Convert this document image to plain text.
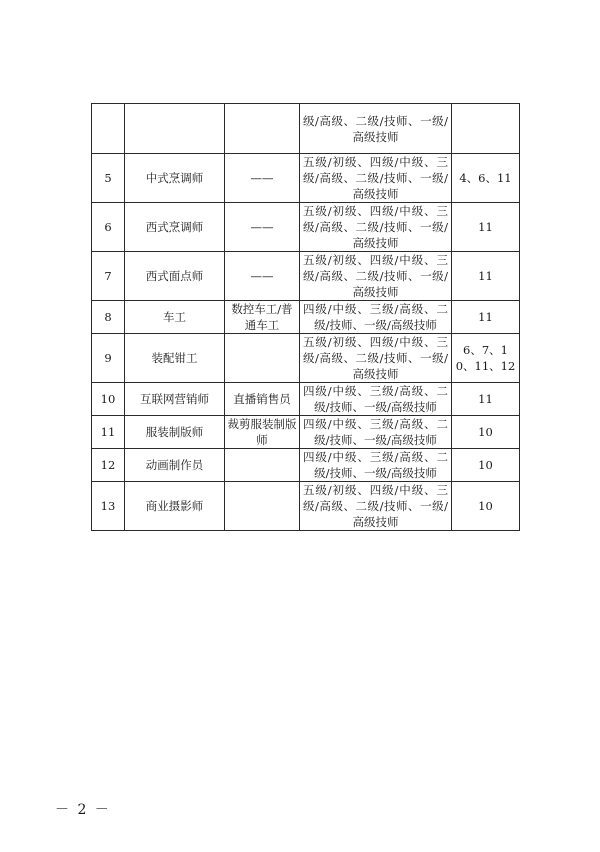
			级/高级、二级/技师、一级/高级技师	
5	中式烹调师	——	五级/初级、四级/中级、三级/高级、二级/技师、一级/高级技师	4、6、11
6	西式烹调师	——	五级/初级、四级/中级、三级/高级、二级/技师、一级/高级技师	11
7	西式面点师	——	五级/初级、四级/中级、三级/高级、二级/技师、一级/高级技师	11
8	车工	数控车工/普通车工	四级/中级、三级/高级、二级/技师、一级/高级技师	11
9	装配钳工		五级/初级、四级/中级、三级/高级、二级/技师、一级/高级技师	6、7、10、11、12
10	互联网营销师	直播销售员	四级/中级、三级/高级、二级/技师、一级/高级技师	11
11	服装制版师	裁剪服装制版师	四级/中级、三级/高级、二级/技师、一级/高级技师	10
12	动画制作员		四级/中级、三级/高级、二级/技师、一级/高级技师	10
13	商业摄影师		五级/初级、四级/中级、三级/高级、二级/技师、一级/高级技师	10
－ 2 －
